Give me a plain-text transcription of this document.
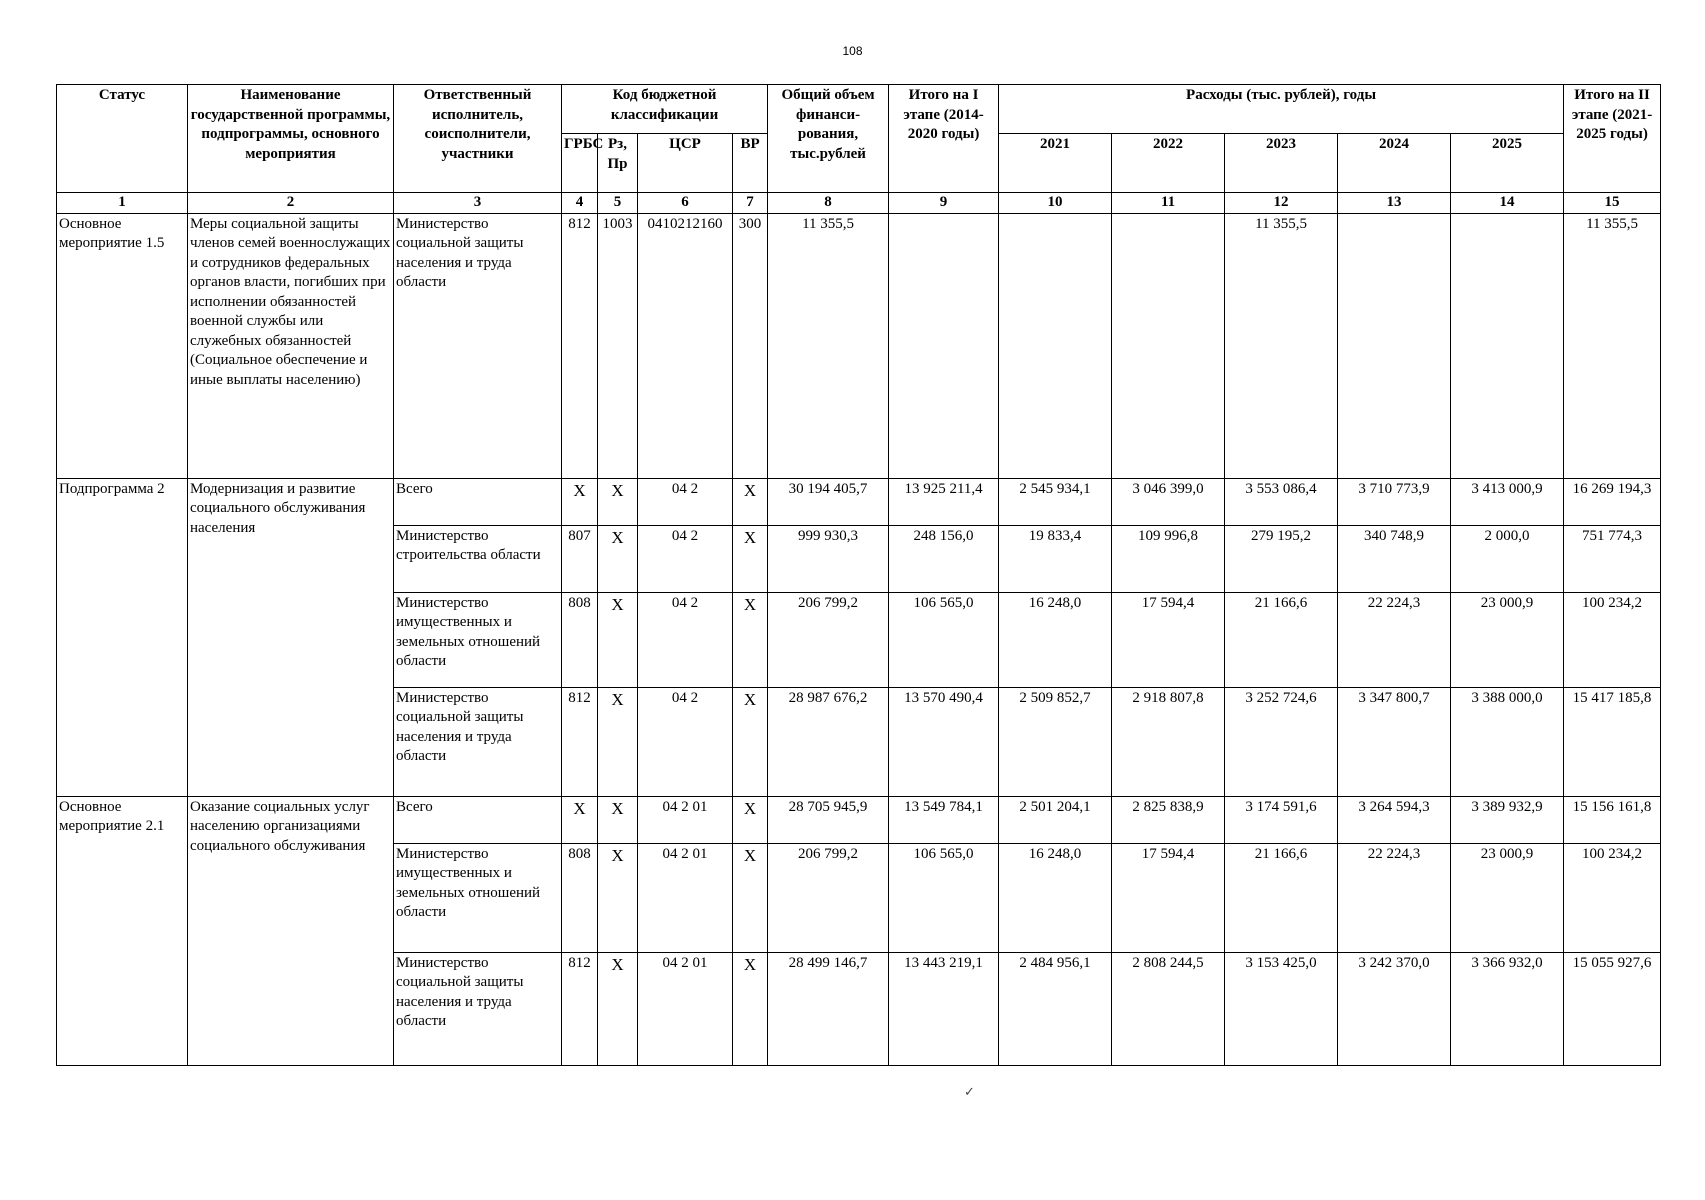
108
Статус	Наименование государственной программы, подпрограммы, основного мероприятия	Ответственный исполнитель, соисполнители, участники	Код бюджетной классификации				Общий объем финанси-рования, тыс.рублей	Итого на I этапе (2014-2020 годы)	Расходы (тыс. рублей), годы					Итого на II этапе (2021-2025 годы)
			ГРБС	Рз, Пр	ЦСР	ВР			2021	2022	2023	2024	2025	
1	2	3	4	5	6	7	8	9	10	11	12	13	14	15
Основное мероприятие 1.5	Меры социальной защиты членов семей военнослужащих и сотрудников федеральных органов власти, погибших при исполнении обязанностей военной службы или служебных обязанностей (Социальное обеспечение и иные выплаты населению)	Министерство социальной защиты населения и труда области	812	1003	0410212160	300	11 355,5				11 355,5			11 355,5
Подпрограмма 2	Модернизация и развитие социального обслуживания населения	Всего	Х	Х	04 2	Х	30 194 405,7	13 925 211,4	2 545 934,1	3 046 399,0	3 553 086,4	3 710 773,9	3 413 000,9	16 269 194,3
		Министерство строительства области	807	Х	04 2	Х	999 930,3	248 156,0	19 833,4	109 996,8	279 195,2	340 748,9	2 000,0	751 774,3
		Министерство имущественных и земельных отношений области	808	Х	04 2	Х	206 799,2	106 565,0	16 248,0	17 594,4	21 166,6	22 224,3	23 000,9	100 234,2
		Министерство социальной защиты населения и труда области	812	Х	04 2	Х	28 987 676,2	13 570 490,4	2 509 852,7	2 918 807,8	3 252 724,6	3 347 800,7	3 388 000,0	15 417 185,8
Основное мероприятие 2.1	Оказание социальных услуг населению организациями социального обслуживания	Всего	Х	Х	04 2 01	Х	28 705 945,9	13 549 784,1	2 501 204,1	2 825 838,9	3 174 591,6	3 264 594,3	3 389 932,9	15 156 161,8
		Министерство имущественных и земельных отношений области	808	Х	04 2 01	Х	206 799,2	106 565,0	16 248,0	17 594,4	21 166,6	22 224,3	23 000,9	100 234,2
		Министерство социальной защиты населения и труда области	812	Х	04 2 01	Х	28 499 146,7	13 443 219,1	2 484 956,1	2 808 244,5	3 153 425,0	3 242 370,0	3 366 932,0	15 055 927,6
✓
